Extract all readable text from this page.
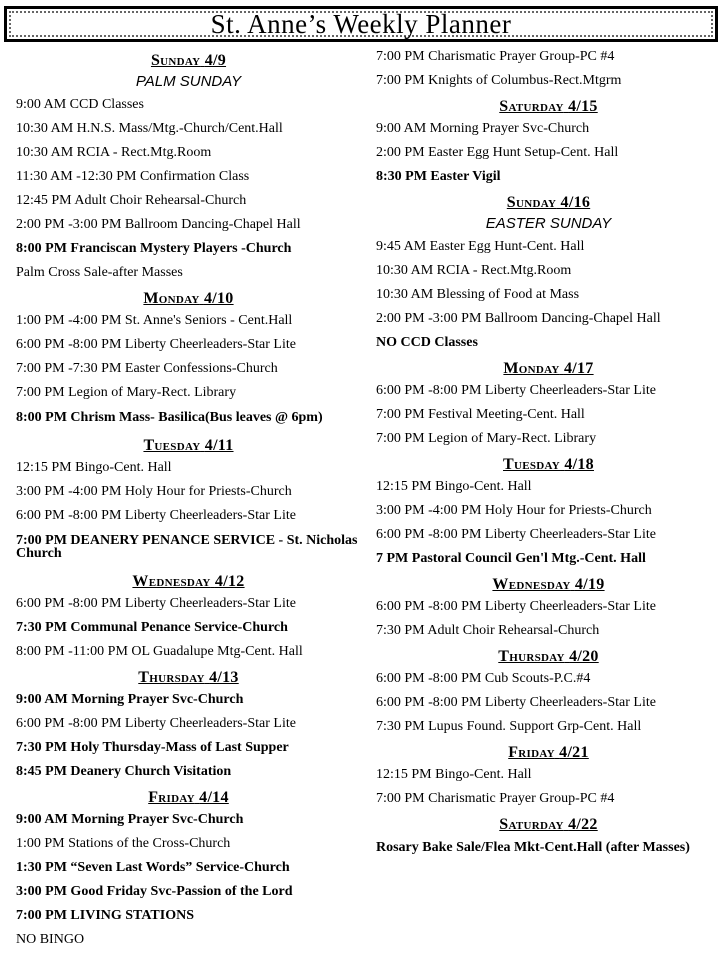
St. Anne’s Weekly Planner
Sunday 4/9
PALM SUNDAY
9:00 AM CCD Classes
10:30 AM H.N.S. Mass/Mtg.-Church/Cent.Hall
10:30 AM RCIA - Rect.Mtg.Room
11:30 AM -12:30 PM Confirmation Class
12:45 PM Adult Choir Rehearsal-Church
2:00 PM -3:00 PM Ballroom Dancing-Chapel Hall
8:00 PM Franciscan Mystery Players -Church
Palm Cross Sale-after Masses
Monday 4/10
1:00 PM -4:00 PM St. Anne's Seniors - Cent.Hall
6:00 PM -8:00 PM Liberty Cheerleaders-Star Lite
7:00 PM -7:30 PM Easter Confessions-Church
7:00 PM Legion of Mary-Rect. Library
8:00 PM Chrism Mass- Basilica(Bus leaves @ 6pm)
Tuesday 4/11
12:15 PM Bingo-Cent. Hall
3:00 PM -4:00 PM Holy Hour for Priests-Church
6:00 PM -8:00 PM Liberty Cheerleaders-Star Lite
7:00 PM DEANERY PENANCE SERVICE - St. Nicholas Church
Wednesday 4/12
6:00 PM -8:00 PM Liberty Cheerleaders-Star Lite
7:30 PM Communal Penance Service-Church
8:00 PM -11:00 PM OL Guadalupe Mtg-Cent. Hall
Thursday 4/13
9:00 AM Morning Prayer Svc-Church
6:00 PM -8:00 PM Liberty Cheerleaders-Star Lite
7:30 PM Holy Thursday-Mass of Last Supper
8:45 PM Deanery Church Visitation
Friday 4/14
9:00 AM Morning Prayer Svc-Church
1:00 PM Stations of the Cross-Church
1:30 PM “Seven Last Words” Service-Church
3:00 PM Good Friday Svc-Passion of the Lord
7:00 PM LIVING STATIONS
NO BINGO
7:00 PM Charismatic Prayer Group-PC #4
7:00 PM Knights of Columbus-Rect.Mtgrm
Saturday 4/15
9:00 AM Morning Prayer Svc-Church
2:00 PM Easter Egg Hunt Setup-Cent. Hall
8:30 PM Easter Vigil
Sunday 4/16
EASTER SUNDAY
9:45 AM Easter Egg Hunt-Cent. Hall
10:30 AM RCIA - Rect.Mtg.Room
10:30 AM Blessing of Food at Mass
2:00 PM -3:00 PM Ballroom Dancing-Chapel Hall
NO CCD Classes
Monday 4/17
6:00 PM -8:00 PM Liberty Cheerleaders-Star Lite
7:00 PM Festival Meeting-Cent. Hall
7:00 PM Legion of Mary-Rect. Library
Tuesday 4/18
12:15 PM Bingo-Cent. Hall
3:00 PM -4:00 PM Holy Hour for Priests-Church
6:00 PM -8:00 PM Liberty Cheerleaders-Star Lite
7 PM Pastoral Council Gen'l Mtg.-Cent. Hall
Wednesday 4/19
6:00 PM -8:00 PM Liberty Cheerleaders-Star Lite
7:30 PM Adult Choir Rehearsal-Church
Thursday 4/20
6:00 PM -8:00 PM Cub Scouts-P.C.#4
6:00 PM -8:00 PM Liberty Cheerleaders-Star Lite
7:30 PM Lupus Found. Support Grp-Cent. Hall
Friday 4/21
12:15 PM Bingo-Cent. Hall
7:00 PM Charismatic Prayer Group-PC #4
Saturday 4/22
Rosary Bake Sale/Flea Mkt-Cent.Hall (after Masses)
